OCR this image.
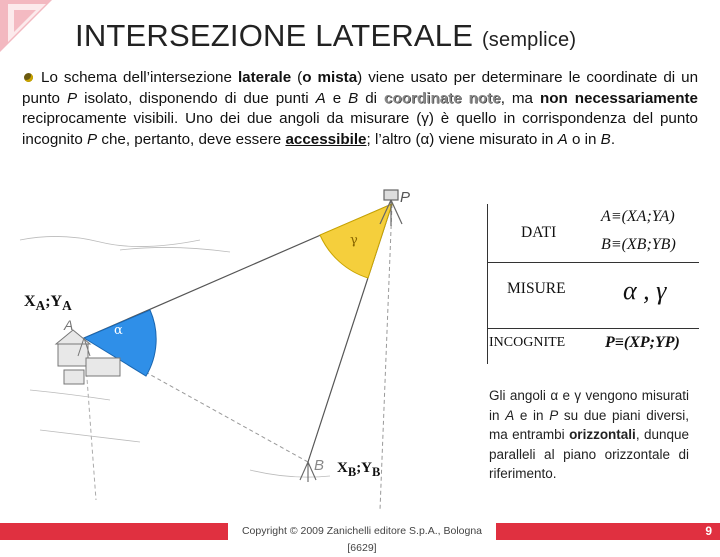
INTERSEZIONE LATERALE (semplice)

Lo schema dell’intersezione laterale (o mista) viene usato per determinare le coordinate di un punto P isolato, disponendo di due punti A e B di coordinate note, ma non necessariamente reciprocamente visibili. Uno dei due angoli da misurare (γ) è quello in corrispondenza del punto incognito P che, pertanto, deve essere accessibile; l’altro (α) viene misurato in A o in B.

P
γ
α
A
B
$X_A;Y_A$
$X_B;Y_B$
DATI
A≡(XA;YA)
B≡(XB;YB)
MISURE α , γ
INCOGNITE P≡(XP;YP)

Gli angoli α e γ vengono misurati in A e in P su due piani diversi, ma entrambi orizzontali, dunque paralleli al piano orizzontale di riferimento.

Copyright © 2009 Zanichelli editore S.p.A., Bologna [6629]
9
